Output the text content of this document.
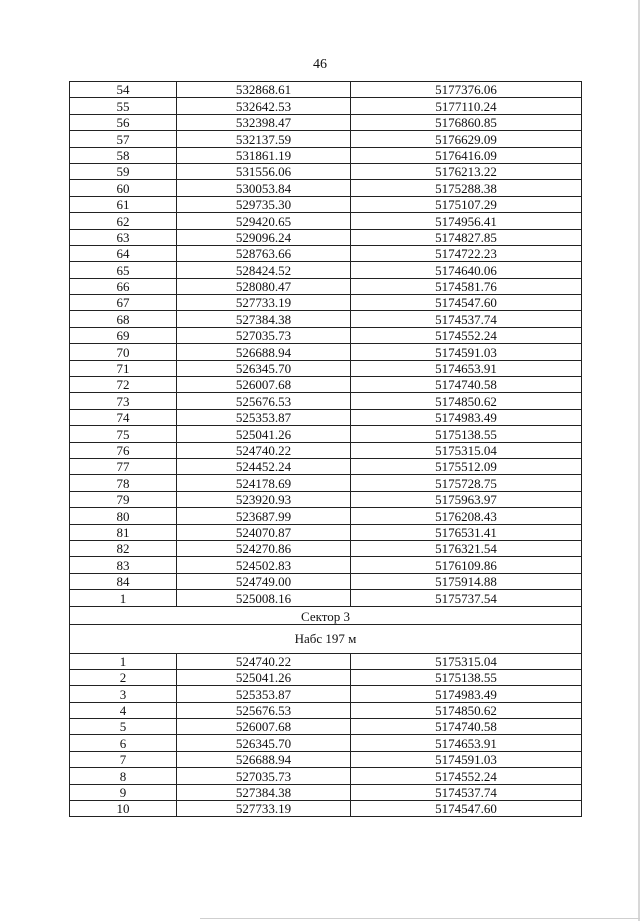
46
54	532868.61	5177376.06
55	532642.53	5177110.24
56	532398.47	5176860.85
57	532137.59	5176629.09
58	531861.19	5176416.09
59	531556.06	5176213.22
60	530053.84	5175288.38
61	529735.30	5175107.29
62	529420.65	5174956.41
63	529096.24	5174827.85
64	528763.66	5174722.23
65	528424.52	5174640.06
66	528080.47	5174581.76
67	527733.19	5174547.60
68	527384.38	5174537.74
69	527035.73	5174552.24
70	526688.94	5174591.03
71	526345.70	5174653.91
72	526007.68	5174740.58
73	525676.53	5174850.62
74	525353.87	5174983.49
75	525041.26	5175138.55
76	524740.22	5175315.04
77	524452.24	5175512.09
78	524178.69	5175728.75
79	523920.93	5175963.97
80	523687.99	5176208.43
81	524070.87	5176531.41
82	524270.86	5176321.54
83	524502.83	5176109.86
84	524749.00	5175914.88
1	525008.16	5175737.54
Сектор 3		
Набс 197 м		
1	524740.22	5175315.04
2	525041.26	5175138.55
3	525353.87	5174983.49
4	525676.53	5174850.62
5	526007.68	5174740.58
6	526345.70	5174653.91
7	526688.94	5174591.03
8	527035.73	5174552.24
9	527384.38	5174537.74
10	527733.19	5174547.60
